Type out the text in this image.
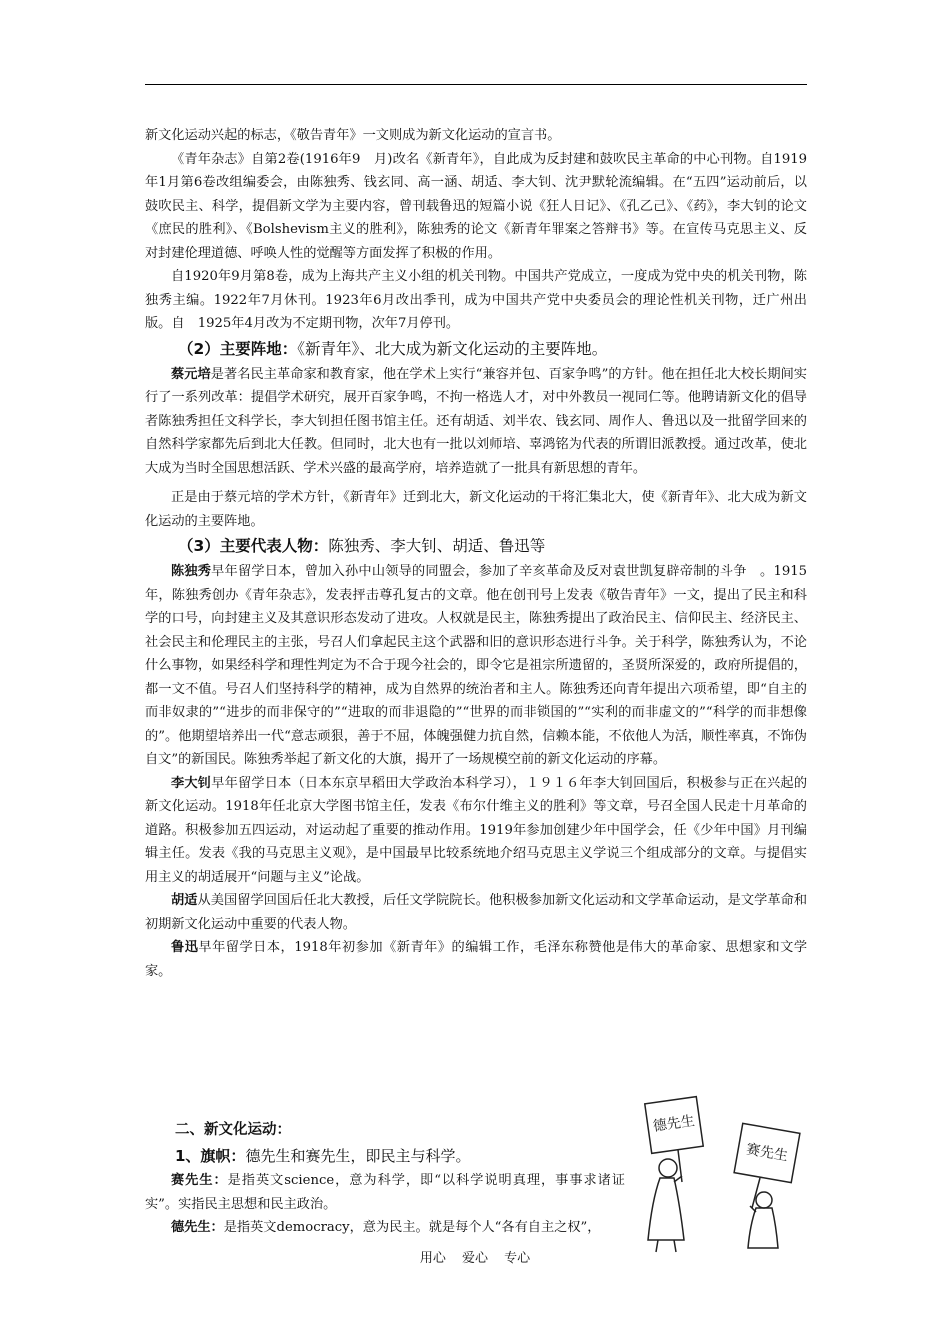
新文化运动兴起的标志，《敬告青年》一文则成为新文化运动的宣言书。

《青年杂志》自第2卷(1916年9　月)改名《新青年》，自此成为反封建和鼓吹民主革命的中心刊物。自1919年1月第6卷改组编委会，由陈独秀、钱玄同、高一涵、胡适、李大钊、沈尹默轮流编辑。在“五四”运动前后，以鼓吹民主、科学，提倡新文学为主要内容，曾刊载鲁迅的短篇小说《狂人日记》、《孔乙己》、《药》，李大钊的论文《庶民的胜利》、《Bolshevism主义的胜利》，陈独秀的论文《新青年罪案之答辩书》等。在宣传马克思主义、反对封建伦理道德、呼唤人性的觉醒等方面发挥了积极的作用。

自1920年9月第8卷，成为上海共产主义小组的机关刊物。中国共产党成立，一度成为党中央的机关刊物，陈独秀主编。1922年7月休刊。1923年6月改出季刊，成为中国共产党中央委员会的理论性机关刊物，迁广州出版。自　1925年4月改为不定期刊物，次年7月停刊。

（2）主要阵地：《新青年》、北大成为新文化运动的主要阵地。

蔡元培是著名民主革命家和教育家，他在学术上实行“兼容并包、百家争鸣”的方针。他在担任北大校长期间实行了一系列改革：提倡学术研究，展开百家争鸣，不拘一格选人才，对中外教员一视同仁等。他聘请新文化的倡导者陈独秀担任文科学长，李大钊担任图书馆主任。还有胡适、刘半农、钱玄同、周作人、鲁迅以及一批留学回来的自然科学家都先后到北大任教。但同时，北大也有一批以刘师培、辜鸿铭为代表的所谓旧派教授。通过改革，使北大成为当时全国思想活跃、学术兴盛的最高学府，培养造就了一批具有新思想的青年。

正是由于蔡元培的学术方针，《新青年》迁到北大，新文化运动的干将汇集北大，使《新青年》、北大成为新文化运动的主要阵地。

（3）主要代表人物：陈独秀、李大钊、胡适、鲁迅等

陈独秀早年留学日本，曾加入孙中山领导的同盟会，参加了辛亥革命及反对袁世凯复辟帝制的斗争　。1915年，陈独秀创办《青年杂志》，发表抨击尊孔复古的文章。他在创刊号上发表《敬告青年》一文，提出了民主和科学的口号，向封建主义及其意识形态发动了进攻。人权就是民主，陈独秀提出了政治民主、信仰民主、经济民主、社会民主和伦理民主的主张，号召人们拿起民主这个武器和旧的意识形态进行斗争。关于科学，陈独秀认为，不论什么事物，如果经科学和理性判定为不合于现今社会的，即令它是祖宗所遗留的，圣贤所深爱的，政府所提倡的，都一文不值。号召人们坚持科学的精神，成为自然界的统治者和主人。陈独秀还向青年提出六项希望，即“自主的而非奴隶的”“进步的而非保守的”“进取的而非退隐的”“世界的而非锁国的”“实利的而非虚文的”“科学的而非想像的”。他期望培养出一代“意志顽狠，善于不屈，体魄强健力抗自然，信赖本能，不依他人为活，顺性率真，不饰伪自文”的新国民。陈独秀举起了新文化的大旗，揭开了一场规模空前的新文化运动的序幕。

李大钊早年留学日本（日本东京早稻田大学政治本科学习），１９１６年李大钊回国后，积极参与正在兴起的新文化运动。1918年任北京大学图书馆主任，发表《布尔什维主义的胜利》等文章，号召全国人民走十月革命的道路。积极参加五四运动，对运动起了重要的推动作用。1919年参加创建少年中国学会，任《少年中国》月刊编辑主任。发表《我的马克思主义观》，是中国最早比较系统地介绍马克思主义学说三个组成部分的文章。与提倡实用主义的胡适展开“问题与主义”论战。

胡适从美国留学回国后任北大教授，后任文学院院长。他积极参加新文化运动和文学革命运动，是文学革命和初期新文化运动中重要的代表人物。

鲁迅早年留学日本，1918年初参加《新青年》的编辑工作，毛泽东称赞他是伟大的革命家、思想家和文学家。

二、新文化运动：
1、旗帜：德先生和赛先生，即民主与科学。

赛先生：是指英文science，意为科学，即“以科学说明真理，事事求诸证实”。实指民主思想和民主政治。

德先生：是指英文democracy，意为民主。就是每个人“各有自主之权”，

德先生
赛先生
用心 爱心 专心
